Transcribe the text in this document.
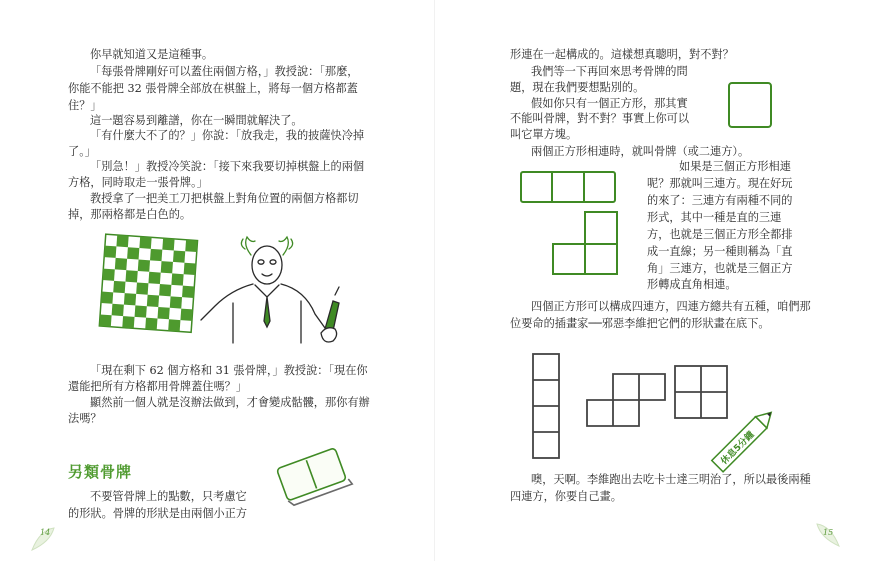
你早就知道又是這種事。

「每張骨牌剛好可以蓋住兩個方格，」教授說：「那麼，

你能不能把 32 張骨牌全部放在棋盤上，將每一個方格都蓋

住？」

這一題容易到離譜，你在一瞬間就解決了。

「有什麼大不了的？」你說：「放我走，我的披薩快冷掉

了。」

「別急！」教授冷笑說：「接下來我要切掉棋盤上的兩個

方格，同時取走一張骨牌。」

教授拿了一把美工刀把棋盤上對角位置的兩個方格都切

掉，那兩格都是白色的。

「現在剩下 62 個方格和 31 張骨牌，」教授說：「現在你

還能把所有方格都用骨牌蓋住嗎？」

顯然前一個人就是沒辦法做到，才會變成骷髏，那你有辦

法嗎？

另類骨牌

不要管骨牌上的點數，只考慮它

的形狀。骨牌的形狀是由兩個小正方

14

形連在一起構成的。這樣想真聰明，對不對？

我們等一下再回來思考骨牌的問

題，現在我們要想點別的。

假如你只有一個正方形，那其實

不能叫骨牌，對不對？事實上你可以

叫它單方塊。

兩個正方形相連時，就叫骨牌（或二連方）。

如果是三個正方形相連

呢？那就叫三連方。現在好玩

的來了：三連方有兩種不同的

形式，其中一種是直的三連

方，也就是三個正方形全都排

成一直線；另一種則稱為「直

角」三連方，也就是三個正方

形轉成直角相連。

四個正方形可以構成四連方，四連方總共有五種，咱們那

位要命的插畫家──邪惡李維把它們的形狀畫在底下。

休息5分鐘

噢，天啊。李維跑出去吃卡士達三明治了，所以最後兩種

四連方，你要自己畫。

15
